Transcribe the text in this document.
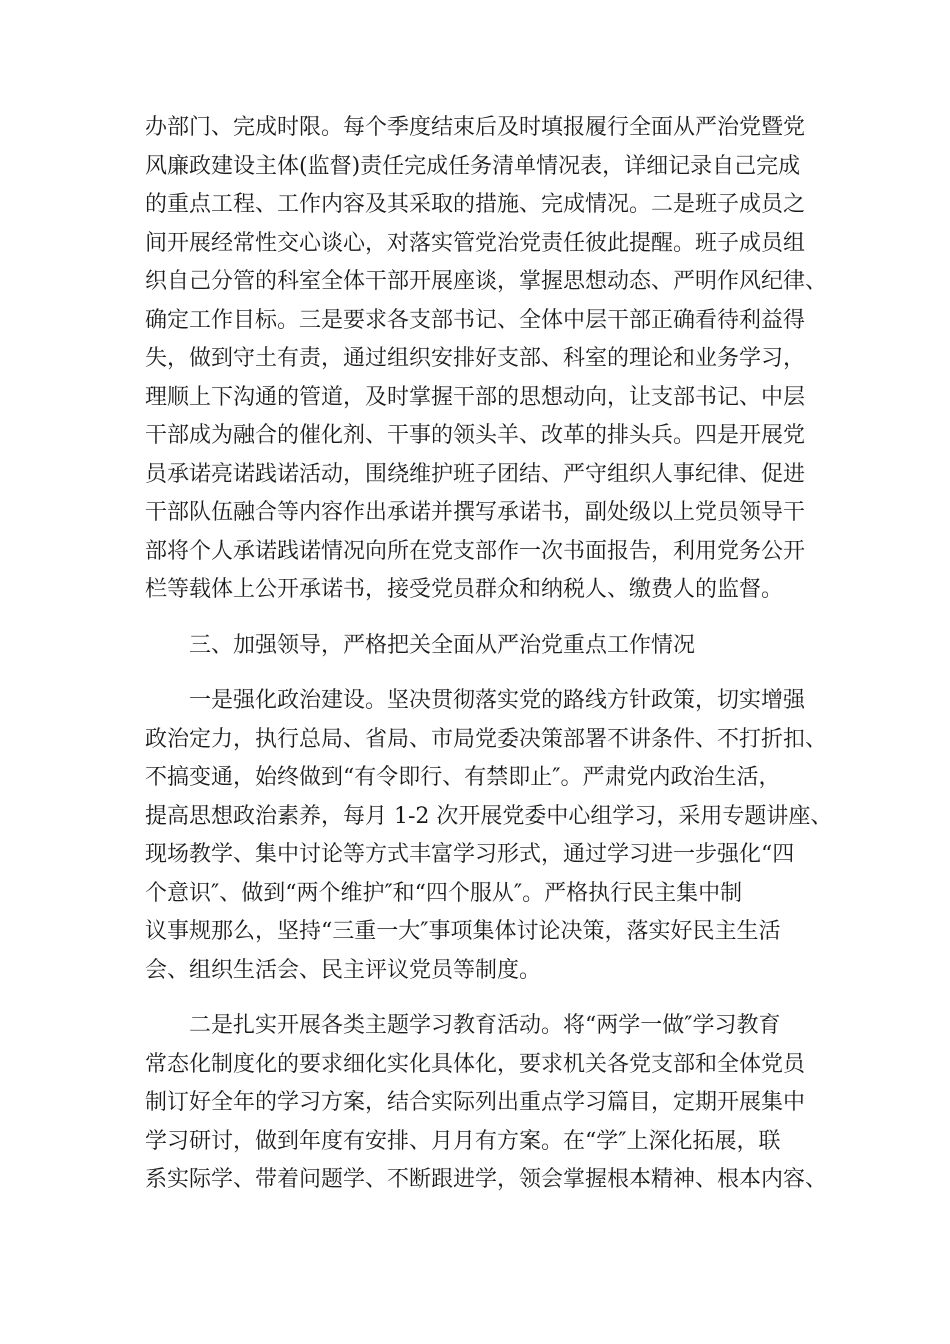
办部门、完成时限。每个季度结束后及时填报履行全面从严治党暨党
风廉政建设主体(监督)责任完成任务清单情况表，详细记录自己完成
的重点工程、工作内容及其采取的措施、完成情况。二是班子成员之
间开展经常性交心谈心，对落实管党治党责任彼此提醒。班子成员组
织自己分管的科室全体干部开展座谈，掌握思想动态、严明作风纪律、
确定工作目标。三是要求各支部书记、全体中层干部正确看待利益得
失，做到守土有责，通过组织安排好支部、科室的理论和业务学习，
理顺上下沟通的管道，及时掌握干部的思想动向，让支部书记、中层
干部成为融合的催化剂、干事的领头羊、改革的排头兵。四是开展党
员承诺亮诺践诺活动，围绕维护班子团结、严守组织人事纪律、促进
干部队伍融合等内容作出承诺并撰写承诺书，副处级以上党员领导干
部将个人承诺践诺情况向所在党支部作一次书面报告，利用党务公开
栏等载体上公开承诺书，接受党员群众和纳税人、缴费人的监督。
三、加强领导，严格把关全面从严治党重点工作情况
一是强化政治建设。坚决贯彻落实党的路线方针政策，切实增强
政治定力，执行总局、省局、市局党委决策部署不讲条件、不打折扣、
不搞变通，始终做到“有令即行、有禁即止″。严肃党内政治生活，
提高思想政治素养，每月 1-2 次开展党委中心组学习，采用专题讲座、
现场教学、集中讨论等方式丰富学习形式，通过学习进一步强化“四
个意识″、做到“两个维护″和“四个服从″。严格执行民主集中制
议事规那么，坚持“三重一大″事项集体讨论决策，落实好民主生活
会、组织生活会、民主评议党员等制度。
二是扎实开展各类主题学习教育活动。将“两学一做″学习教育
常态化制度化的要求细化实化具体化，要求机关各党支部和全体党员
制订好全年的学习方案，结合实际列出重点学习篇目，定期开展集中
学习研讨，做到年度有安排、月月有方案。在“学″上深化拓展，联
系实际学、带着问题学、不断跟进学，领会掌握根本精神、根本内容、
